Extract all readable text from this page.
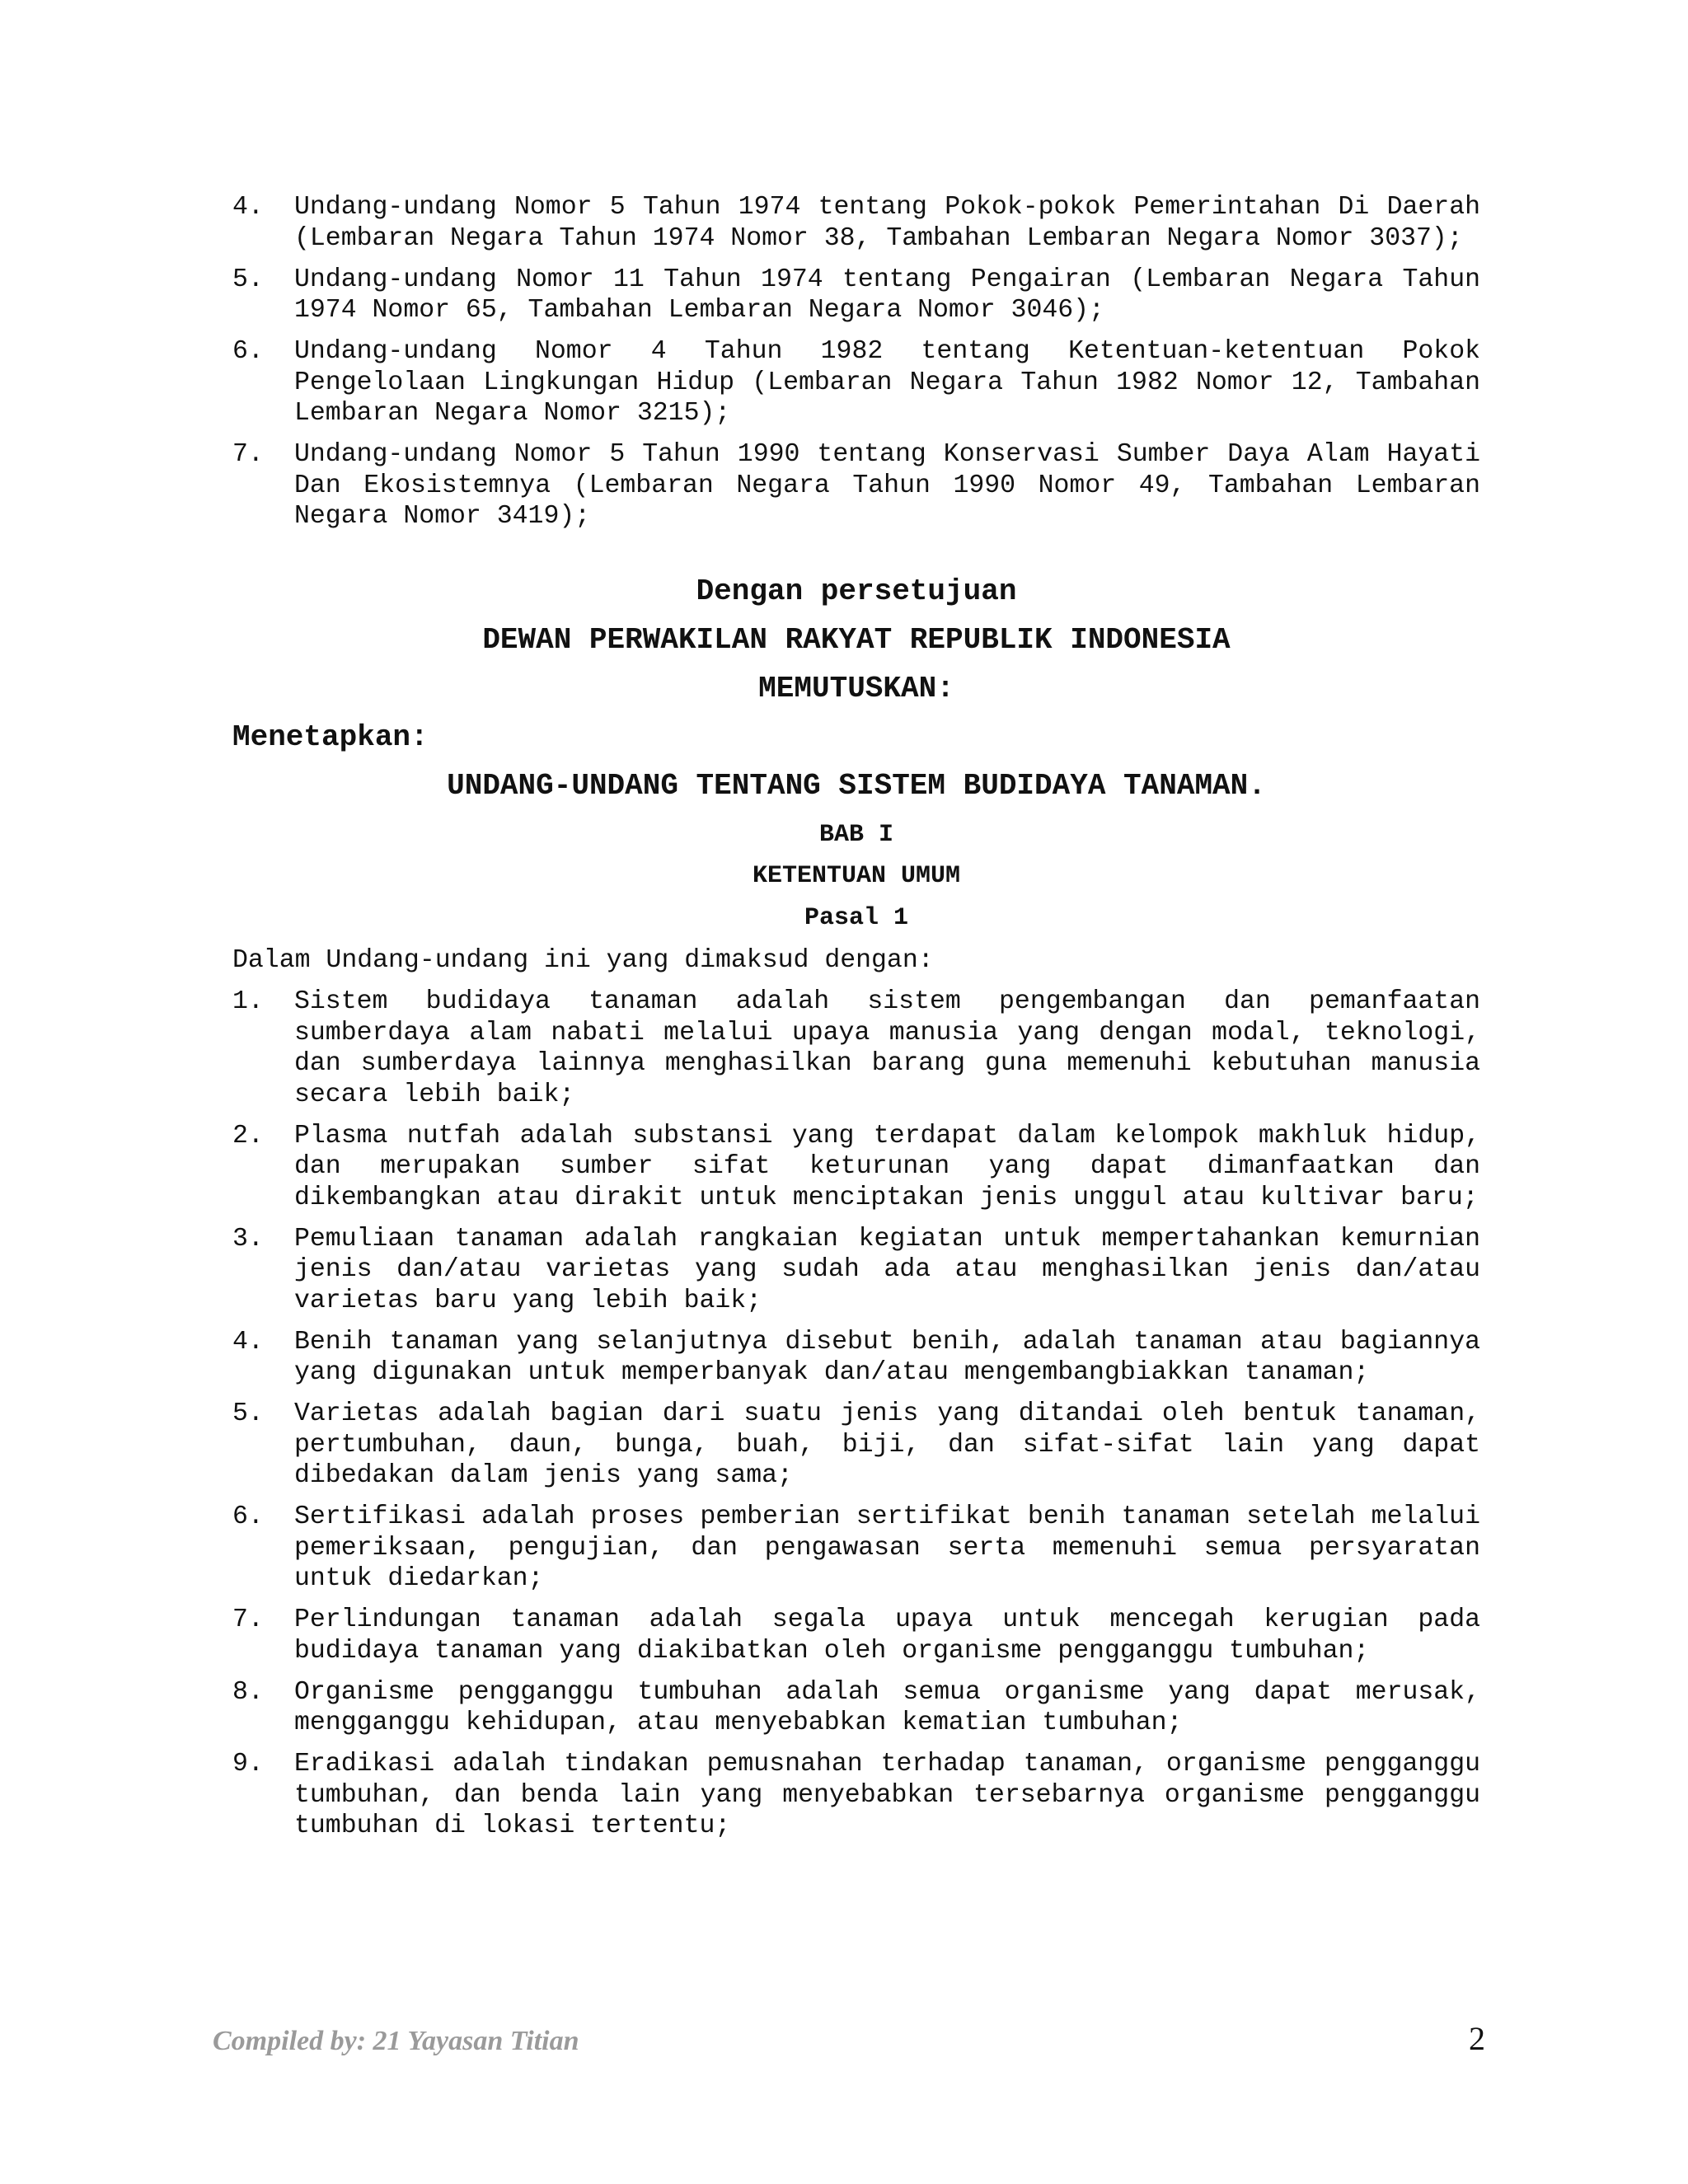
4. Undang-undang Nomor 5 Tahun 1974 tentang Pokok-pokok Pemerintahan Di Daerah (Lembaran Negara Tahun 1974 Nomor 38, Tambahan Lembaran Negara Nomor 3037);
5. Undang-undang Nomor 11 Tahun 1974 tentang Pengairan (Lembaran Negara Tahun 1974 Nomor 65, Tambahan Lembaran Negara Nomor 3046);
6. Undang-undang Nomor 4 Tahun 1982 tentang Ketentuan-ketentuan Pokok Pengelolaan Lingkungan Hidup (Lembaran Negara Tahun 1982 Nomor 12, Tambahan Lembaran Negara Nomor 3215);
7. Undang-undang Nomor 5 Tahun 1990 tentang Konservasi Sumber Daya Alam Hayati Dan Ekosistemnya (Lembaran Negara Tahun 1990 Nomor 49, Tambahan Lembaran Negara Nomor 3419);

Dengan persetujuan

DEWAN PERWAKILAN RAKYAT REPUBLIK INDONESIA

MEMUTUSKAN:

Menetapkan:

UNDANG-UNDANG TENTANG SISTEM BUDIDAYA TANAMAN.

BAB I

KETENTUAN UMUM

Pasal 1

Dalam Undang-undang ini yang dimaksud dengan:

1. Sistem budidaya tanaman adalah sistem pengembangan dan pemanfaatan sumberdaya alam nabati melalui upaya manusia yang dengan modal, teknologi, dan sumberdaya lainnya menghasilkan barang guna memenuhi kebutuhan manusia secara lebih baik;
2. Plasma nutfah adalah substansi yang terdapat dalam kelompok makhluk hidup, dan merupakan sumber sifat keturunan yang dapat dimanfaatkan dan dikembangkan atau dirakit untuk menciptakan jenis unggul atau kultivar baru;
3. Pemuliaan tanaman adalah rangkaian kegiatan untuk mempertahankan kemurnian jenis dan/atau varietas yang sudah ada atau menghasilkan jenis dan/atau varietas baru yang lebih baik;
4. Benih tanaman yang selanjutnya disebut benih, adalah tanaman atau bagiannya yang digunakan untuk memperbanyak dan/atau mengembangbiakkan tanaman;
5. Varietas adalah bagian dari suatu jenis yang ditandai oleh bentuk tanaman, pertumbuhan, daun, bunga, buah, biji, dan sifat-sifat lain yang dapat dibedakan dalam jenis yang sama;
6. Sertifikasi adalah proses pemberian sertifikat benih tanaman setelah melalui pemeriksaan, pengujian, dan pengawasan serta memenuhi semua persyaratan untuk diedarkan;
7. Perlindungan tanaman adalah segala upaya untuk mencegah kerugian pada budidaya tanaman yang diakibatkan oleh organisme pengganggu tumbuhan;
8. Organisme pengganggu tumbuhan adalah semua organisme yang dapat merusak, mengganggu kehidupan, atau menyebabkan kematian tumbuhan;
9. Eradikasi adalah tindakan pemusnahan terhadap tanaman, organisme pengganggu tumbuhan, dan benda lain yang menyebabkan tersebarnya organisme pengganggu tumbuhan di lokasi tertentu;
Compiled by: 21 Yayasan Titian	2
